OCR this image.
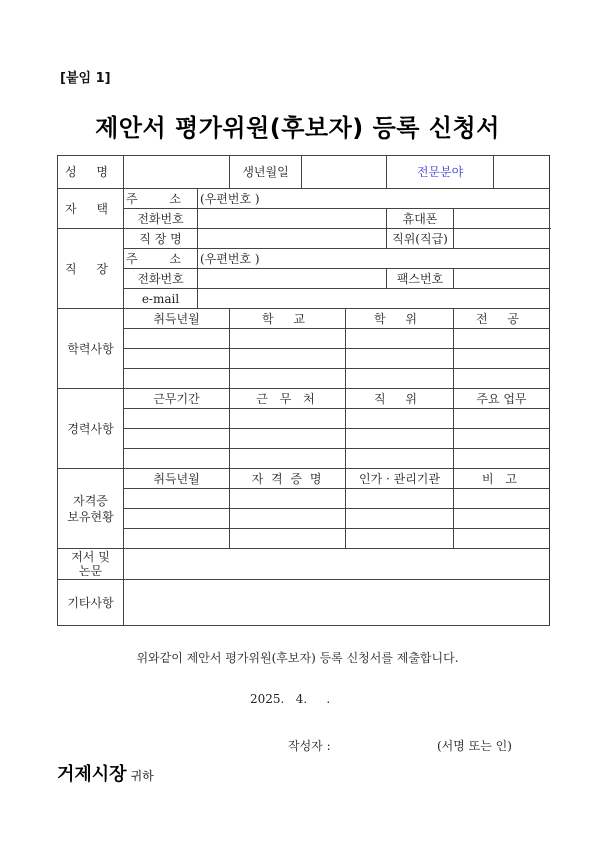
[붙임 1]
제안서 평가위원(후보자) 등록 신청서
성 명			생년월일			전문분야		
자 택	주 소	(우편번호 )						
	전화번호					휴대폰		
직 장	직 장 명					직위(직급)		
	주 소	(우편번호 )						
	전화번호					팩스번호		
	e-mail							
학력사항	취득년월		학 교		학 위		전 공	

경력사항	근무기간		근 무 처		직 위		주요 업무	

자격증
보유현황	취득년월		자 격 증 명		인가 · 관리기관		비 고	

저서 및
논문								
기타사항								
위와같이 제안서 평가위원(후보자) 등록 신청서를 제출합니다.
2025.   4.     .
작성자 :	(서명 또는 인)
거제시장 귀하
